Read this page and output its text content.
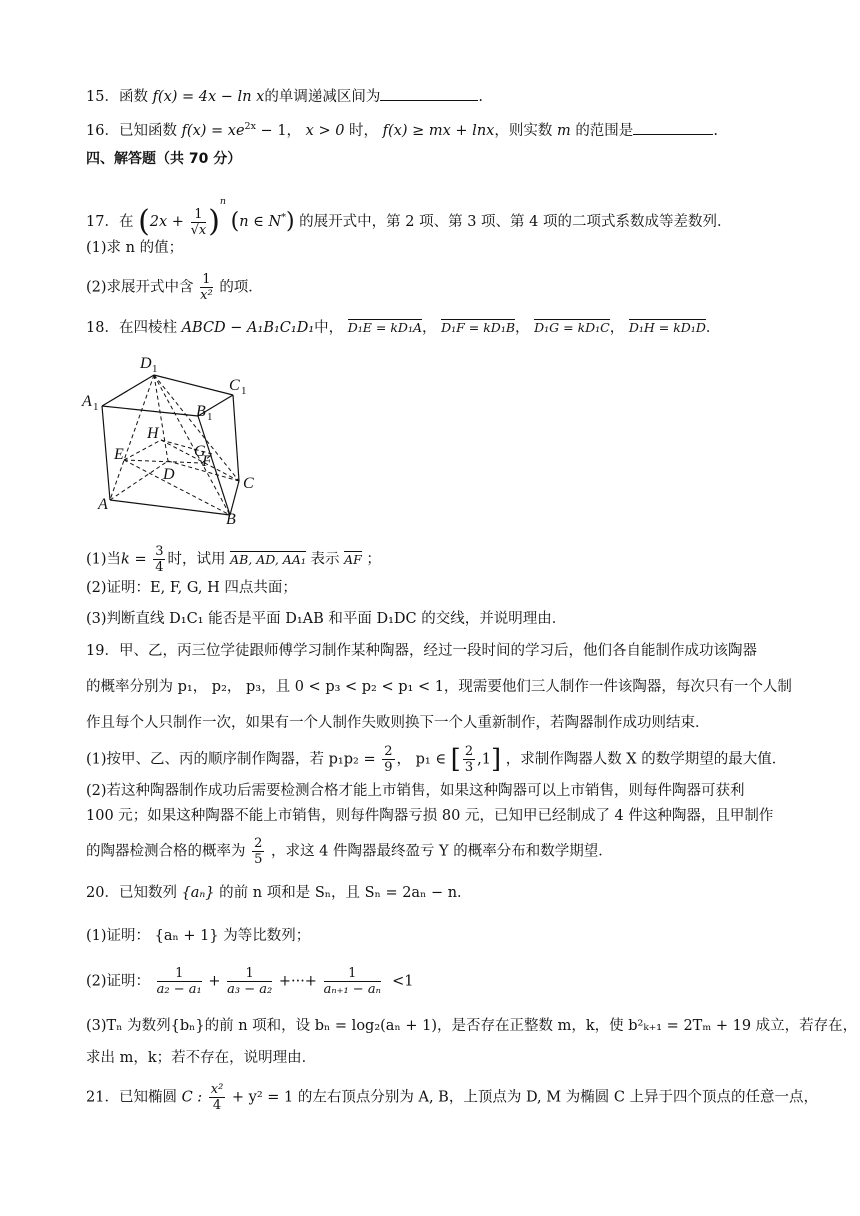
15．函数 f(x) = 4x − ln x的单调递减区间为	.
16．已知函数 $f(x) = xe^{2x} - 1$， x > 0 时， f(x) ≥ mx + lnx，则实数 m 的范围是	.
四、解答题（共 70 分）
17．在 $(2x + \frac{1}{√x} )^n$ (n ∈ N*) 的展开式中，第 2 项、第 3 项、第 4 项的二项式系数成等差数列．
(1)求 n 的值；
(2)求展开式中含 $\frac{1}{\text{x²}}$ 的项．
18．在四棱柱 ABCD − A₁B₁C₁D₁中， D₁E = kD₁A， D₁F = kD₁B， D₁G = kD₁C， D₁H = kD₁D．
D 1
C 1
A 1	B 1
H
G
E	F
D
C
A
B
(1)当$k = \frac{3}{4}$ 时，试用 AB, AD, AA₁ 表示 AF ；
(2)证明：E, F, G, H 四点共面；
(3)判断直线 D₁C₁ 能否是平面 D₁AB 和平面 D₁DC 的交线，并说明理由．
19．甲、乙，丙三位学徒跟师傅学习制作某种陶器，经过一段时间的学习后，他们各自能制作成功该陶器
的概率分别为 p₁， p₂， p₃，且 0 < p₃ < p₂ < p₁ < 1，现需要他们三人制作一件该陶器，每次只有一个人制
作且每个人只制作一次，如果有一个人制作失败则换下一个人重新制作，若陶器制作成功则结束．
(1)按甲、乙、丙的顺序制作陶器，若 $p_1p_2 = \frac{2}{9}$ ， p₁ ∈ [ $\frac{2}{3} ,1$] ，求制作陶器人数 X 的数学期望的最大值．
(2)若这种陶器制作成功后需要检测合格才能上市销售，如果这种陶器可以上市销售，则每件陶器可获利
100 元；如果这种陶器不能上市销售，则每件陶器亏损 80 元，已知甲已经制成了 4 件这种陶器，且甲制作
的陶器检测合格的概率为 $\frac{2}{5}$ ，求这 4 件陶器最终盈亏 Y 的概率分布和数学期望．
20．已知数列 {aₙ} 的前 n 项和是 Sₙ，且 Sₙ = 2aₙ − n．
(1)证明： {aₙ + 1} 为等比数列；
(2)证明： $\frac{1}{\text{a₂ − a₁}} + \frac{1}{\text{a₃ − a₂}}$ +···+ $\frac{1}{\text{aₙ₊₁ − aₙ}} <1$
(3)Tₙ 为数列{bₙ}的前 n 项和，设 bₙ = log₂(aₙ + 1)，是否存在正整数 m，k，使 b²ₖ₊₁ = 2Tₘ + 19 成立，若存在，
求出 m，k；若不存在，说明理由．
21．已知椭圆 C : $\frac{\text{x²}}{4} + y^2 = 1$ 的左右顶点分别为 A, B，上顶点为 D, M 为椭圆 C 上异于四个顶点的任意一点，
